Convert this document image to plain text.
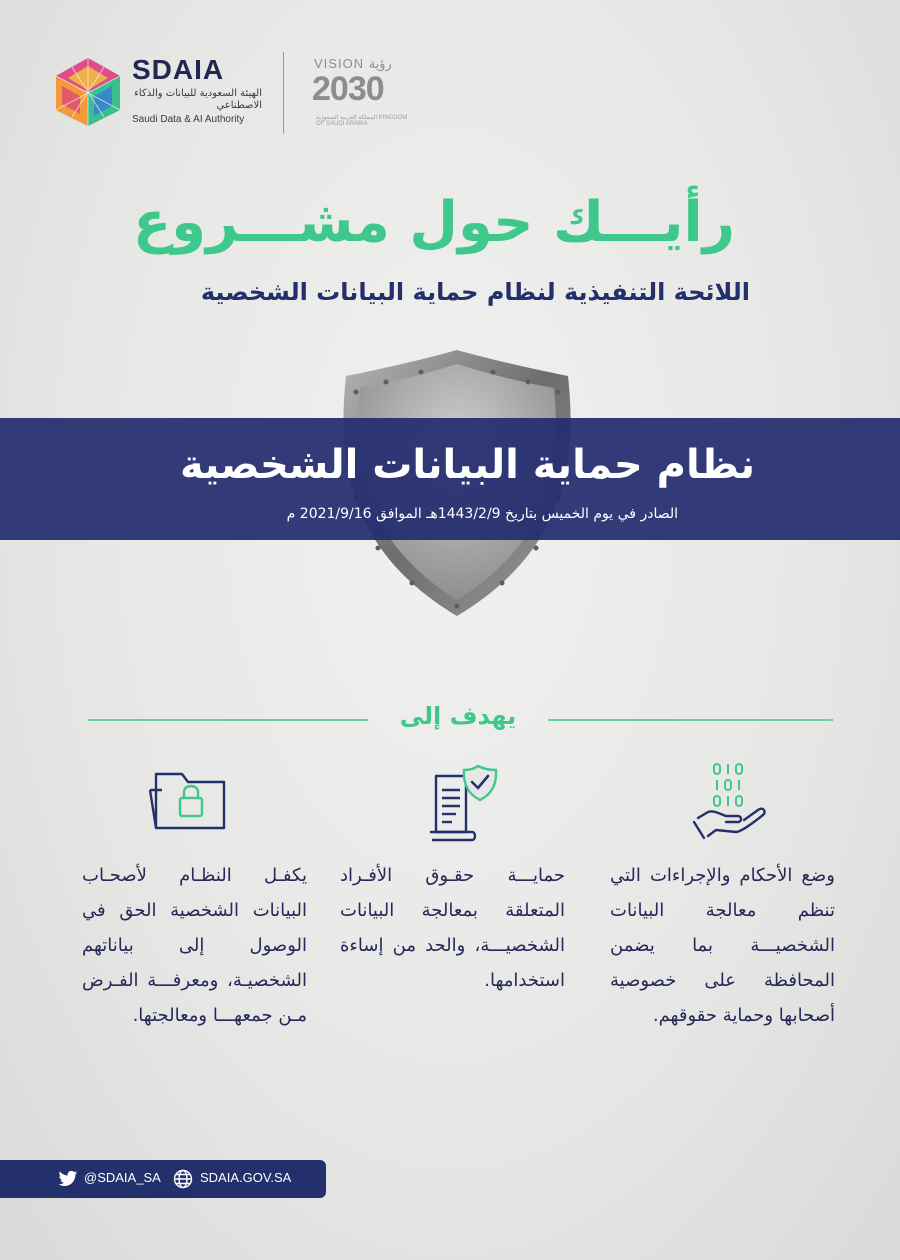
SDAIA
الهيئة السعودية للبيانات والذكاء الاصطناعي
Saudi Data & AI Authority
VISION رؤية
2030
المملكة العربية السعودية KINGDOM OF SAUDI ARABIA
رأيـــك حول مشـــروع
اللائحة التنفيذية لنظام حماية البيانات الشخصية
نظام حماية البيانات الشخصية
الصادر في يوم الخميس بتاريخ 1443/2/9هـ الموافق 2021/9/16 م
يهدف إلى
وضع الأحكام والإجراءات التي تنظم معالجة البيانات الشخصيـــة بما يضمن المحافظة على خصوصية أصحابها وحماية حقوقهم.
حمايـــة حقـوق الأفـراد المتعلقة بمعالجة البيانات الشخصيـــة، والحد من إساءة استخدامها.
يكفـل النظـام لأصحـاب البيانات الشخصية الحق في الوصول إلى بياناتهم الشخصيـة، ومعرفـــة الفـرض مـن جمعهـــا ومعالجتها.
@SDAIA_SA	SDAIA.GOV.SA
